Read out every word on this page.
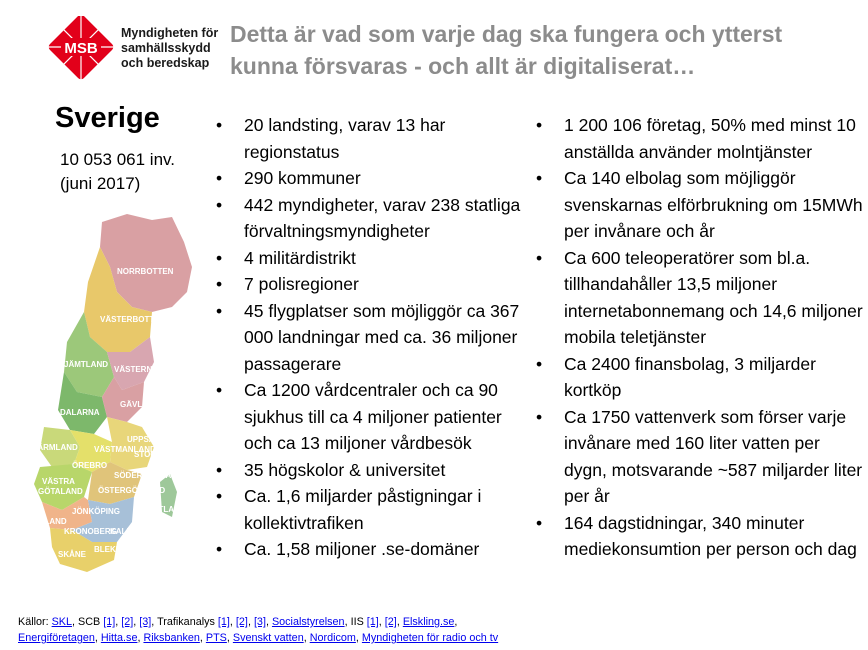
MSB
Myndigheten för
samhällsskydd
och beredskap
Detta är vad som varje dag ska fungera och ytterst
kunna försvaras - och allt är digitaliserat…
Sverige
10 053 061 inv.
(juni 2017)
NORRBOTTEN
VÄSTERBOTTEN
JÄMTLAND
VÄSTERNORRLAND
DALARNA
GÄVLEBORG
UPPSALA
VÄRMLAND VÄSTMANLAND
STOCKHOLM
ÖREBRO
SÖDERMANLAND
VÄSTRA
GÖTALAND ÖSTERGÖTLAND
JÖNKÖPING	GOTLAND
HALLAND
KRONOBERG
KALMAR
BLEKINGE
SKÅNE
• 20 landsting, varav 13 har regionstatus
• 290 kommuner
• 442 myndigheter, varav 238 statliga förvaltningsmyndigheter
• 4 militärdistrikt
• 7 polisregioner
• 45 flygplatser som möjliggör ca 367 000 landningar med ca. 36 miljoner passagerare
• Ca 1200 vårdcentraler och ca 90 sjukhus till ca 4 miljoner patienter och ca 13 miljoner vårdbesök
• 35 högskolor & universitet
• Ca. 1,6 miljarder påstigningar i kollektivtrafiken
• Ca. 1,58 miljoner .se-domäner
• 1 200 106 företag, 50% med minst 10 anställda använder molntjänster
• Ca 140 elbolag som möjliggör svenskarnas elförbrukning om 15MWh per invånare och år
• Ca 600 teleoperatörer som bl.a. tillhandahåller 13,5 miljoner internetabonnemang och 14,6 miljoner mobila teletjänster
• Ca 2400 finansbolag, 3 miljarder kortköp
• Ca 1750 vattenverk som förser varje invånare med 160 liter vatten per dygn, motsvarande ~587 miljarder liter per år
• 164 dagstidningar, 340 minuter mediekonsumtion per person och dag
Källor: SKL, SCB [1], [2], [3], Trafikanalys [1], [2], [3], Socialstyrelsen, IIS [1], [2], Elskling.se,
Energiföretagen, Hitta.se, Riksbanken, PTS, Svenskt vatten, Nordicom, Myndigheten för radio och tv
